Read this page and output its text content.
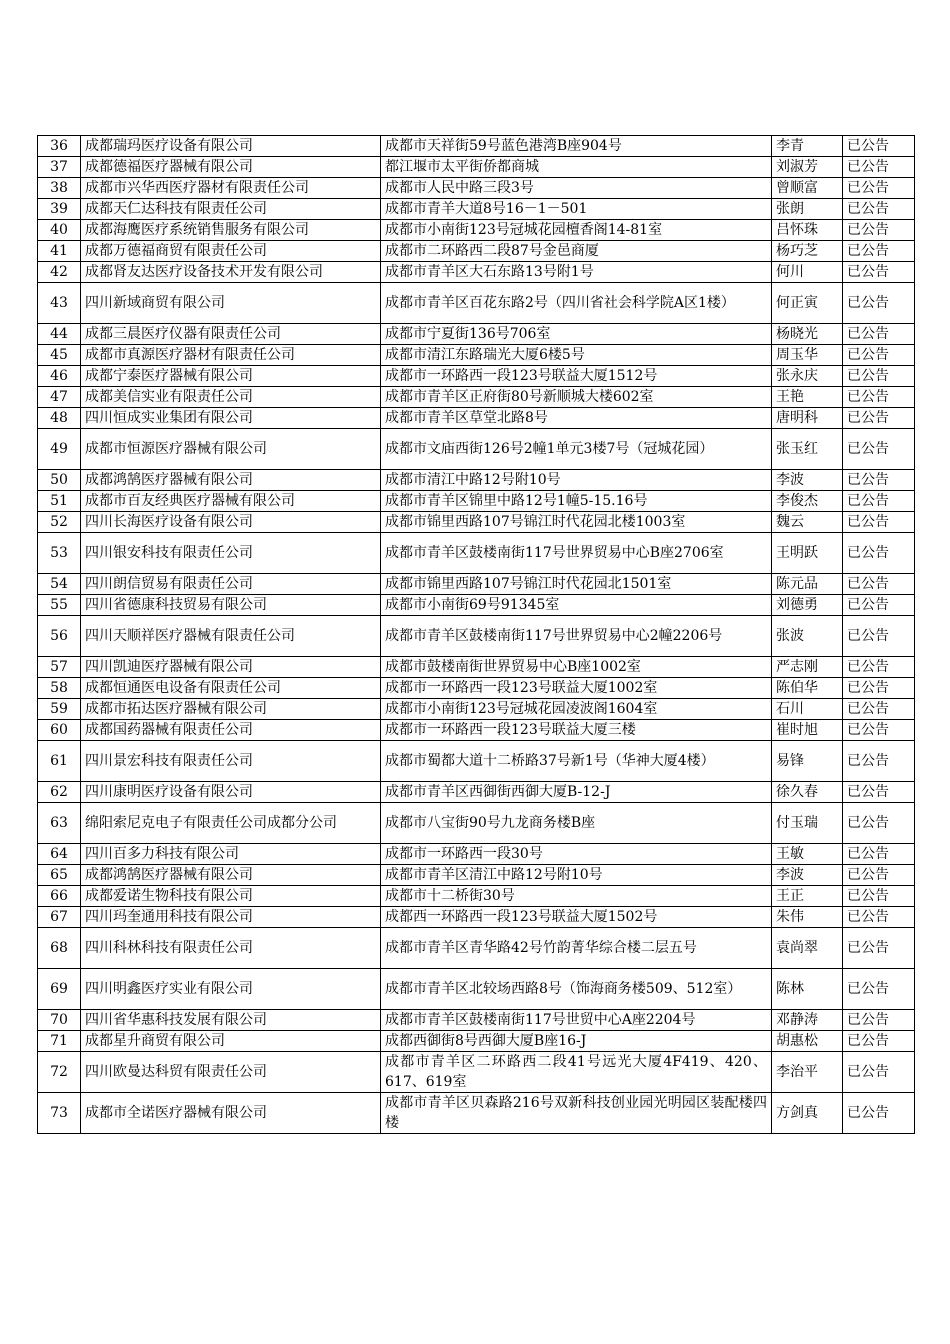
36	成都瑞玛医疗设备有限公司	成都市天祥街59号蓝色港湾B座904号	李青	已公告
37	成都德福医疗器械有限公司	都江堰市太平街侨都商城	刘淑芳	已公告
38	成都市兴华西医疗器材有限责任公司	成都市人民中路三段3号	曾顺富	已公告
39	成都天仁达科技有限责任公司	成都市青羊大道8号16－1－501	张朗	已公告
40	成都海鹰医疗系统销售服务有限公司	成都市小南街123号冠城花园檀香阁14-81室	吕怀珠	已公告
41	成都万德福商贸有限责任公司	成都市二环路西二段87号金邑商厦	杨巧芝	已公告
42	成都肾友达医疗设备技术开发有限公司	成都市青羊区大石东路13号附1号	何川	已公告
43	四川新域商贸有限公司	成都市青羊区百花东路2号（四川省社会科学院A区1楼）	何正寅	已公告
44	成都三晨医疗仪器有限责任公司	成都市宁夏街136号706室	杨晓光	已公告
45	成都市真源医疗器材有限责任公司	成都市清江东路瑞光大厦6楼5号	周玉华	已公告
46	成都宁泰医疗器械有限公司	成都市一环路西一段123号联益大厦1512号	张永庆	已公告
47	成都美信实业有限责任公司	成都市青羊区正府街80号新顺城大楼602室	王艳	已公告
48	四川恒成实业集团有限公司	成都市青羊区草堂北路8号	唐明科	已公告
49	成都市恒源医疗器械有限公司	成都市文庙西街126号2幢1单元3楼7号（冠城花园）	张玉红	已公告
50	成都鸿鹄医疗器械有限公司	成都市清江中路12号附10号	李波	已公告
51	成都市百友经典医疗器械有限公司	成都市青羊区锦里中路12号1幢5-15.16号	李俊杰	已公告
52	四川长海医疗设备有限公司	成都市锦里西路107号锦江时代花园北楼1003室	魏云	已公告
53	四川银安科技有限责任公司	成都市青羊区鼓楼南街117号世界贸易中心B座2706室	王明跃	已公告
54	四川朗信贸易有限责任公司	成都市锦里西路107号锦江时代花园北1501室	陈元品	已公告
55	四川省德康科技贸易有限公司	成都市小南街69号91345室	刘德勇	已公告
56	四川天顺祥医疗器械有限责任公司	成都市青羊区鼓楼南街117号世界贸易中心2幢2206号	张波	已公告
57	四川凯迪医疗器械有限公司	成都市鼓楼南街世界贸易中心B座1002室	严志刚	已公告
58	成都恒通医电设备有限责任公司	成都市一环路西一段123号联益大厦1002室	陈伯华	已公告
59	成都市拓达医疗器械有限公司	成都市小南街123号冠城花园凌波阁1604室	石川	已公告
60	成都国药器械有限责任公司	成都市一环路西一段123号联益大厦三楼	崔时旭	已公告
61	四川景宏科技有限责任公司	成都市蜀都大道十二桥路37号新1号（华神大厦4楼）	易锋	已公告
62	四川康明医疗设备有限公司	成都市青羊区西御街西御大厦B-12-J	徐久春	已公告
63	绵阳索尼克电子有限责任公司成都分公司	成都市八宝街90号九龙商务楼B座	付玉瑞	已公告
64	四川百多力科技有限公司	成都市一环路西一段30号	王敏	已公告
65	成都鸿鹄医疗器械有限公司	成都市青羊区清江中路12号附10号	李波	已公告
66	成都爱诺生物科技有限公司	成都市十二桥街30号	王正	已公告
67	四川玛奎通用科技有限公司	成都西一环路西一段123号联益大厦1502号	朱伟	已公告
68	四川科林科技有限责任公司	成都市青羊区青华路42号竹韵菁华综合楼二层五号	袁尚翠	已公告
69	四川明鑫医疗实业有限公司	成都市青羊区北较场西路8号（饰海商务楼509、512室）	陈林	已公告
70	四川省华惠科技发展有限公司	成都市青羊区鼓楼南街117号世贸中心A座2204号	邓静涛	已公告
71	成都星升商贸有限公司	成都西御街8号西御大厦B座16-J	胡惠松	已公告
72	四川欧曼达科贸有限责任公司	成都市青羊区二环路西二段41号远光大厦4F419、420、617、619室	李治平	已公告
73	成都市全诺医疗器械有限公司	成都市青羊区贝森路216号双新科技创业园光明园区装配楼四楼	方剑真	已公告
